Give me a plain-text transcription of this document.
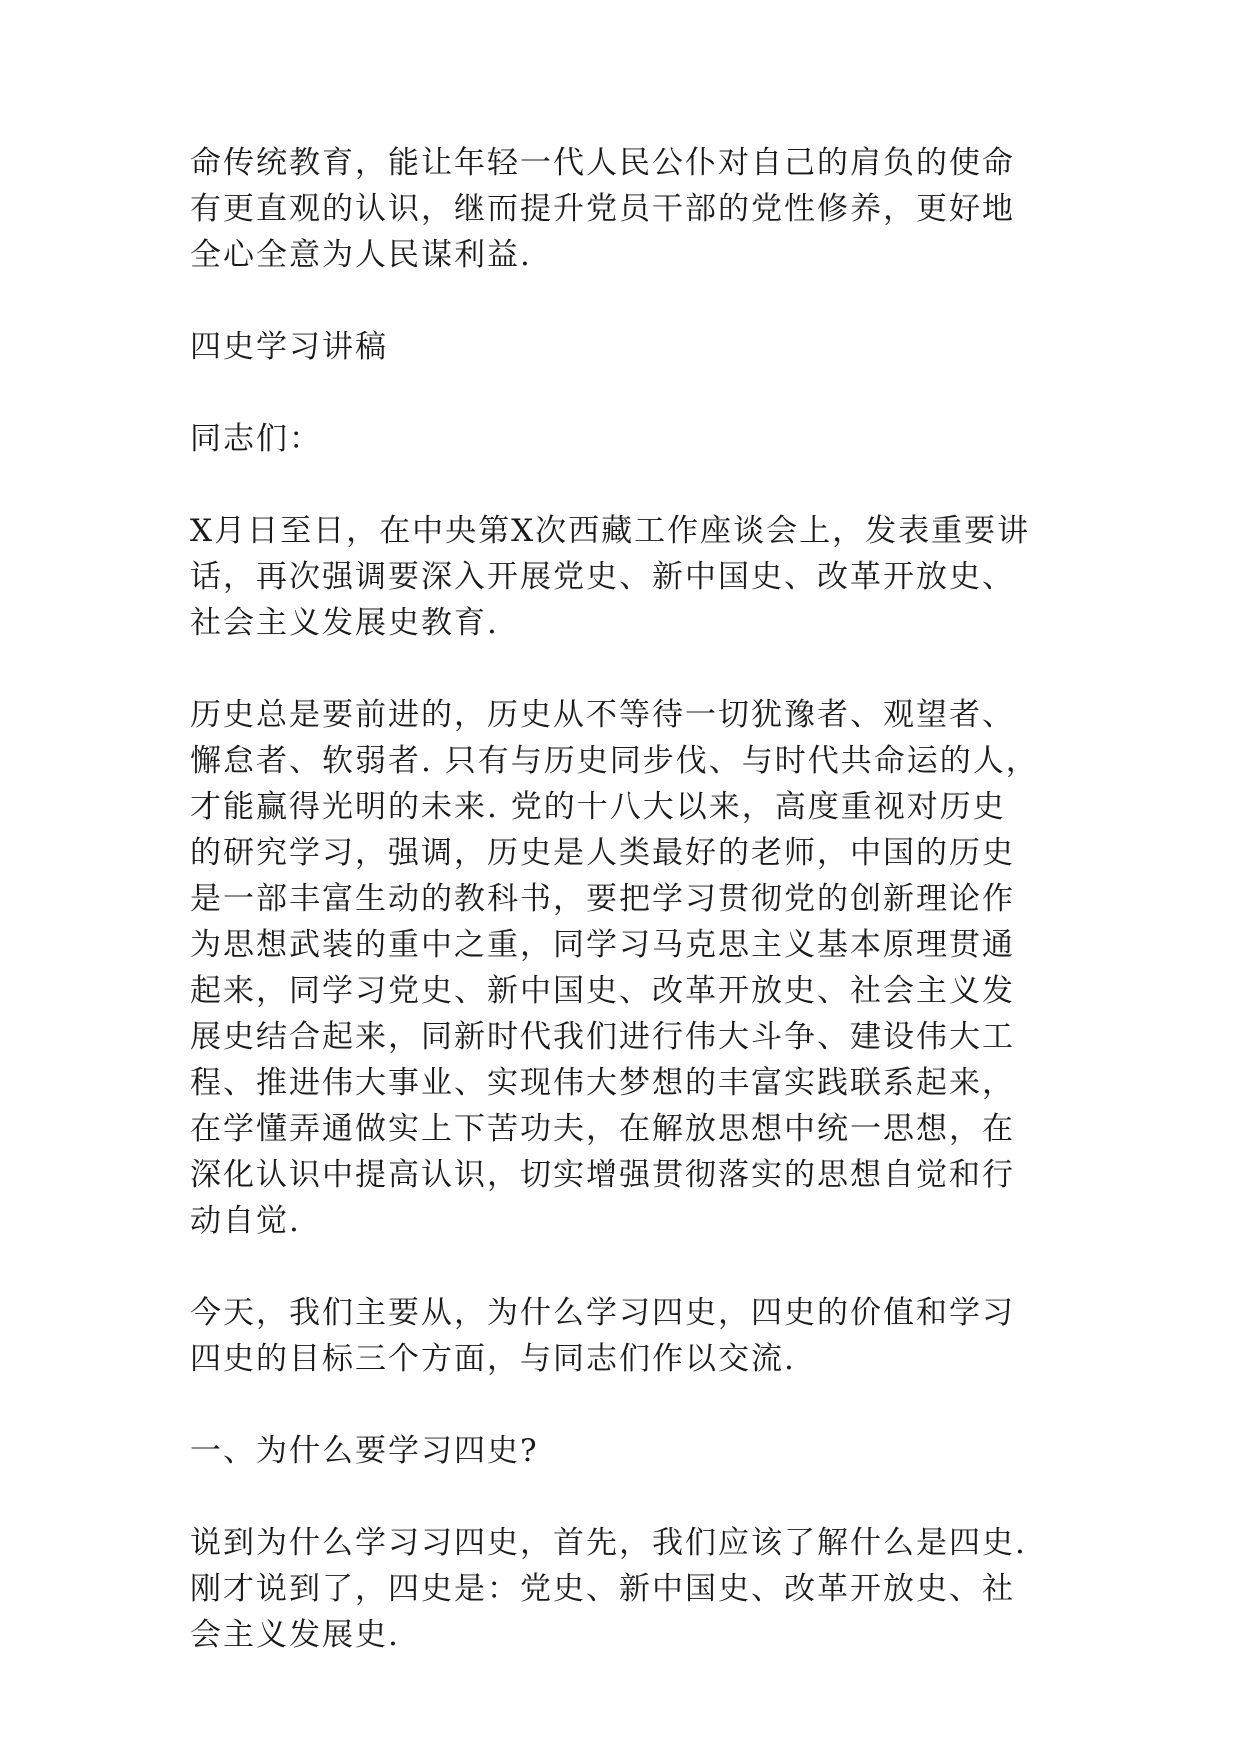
命传统教育，能让年轻一代人民公仆对自己的肩负的使命
有更直观的认识，继而提升党员干部的党性修养，更好地
全心全意为人民谋利益.

四史学习讲稿

同志们：

X月日至日，在中央第X次西藏工作座谈会上，发表重要讲
话，再次强调要深入开展党史、新中国史、改革开放史、
社会主义发展史教育.

历史总是要前进的，历史从不等待一切犹豫者、观望者、
懈怠者、软弱者. 只有与历史同步伐、与时代共命运的人，
才能赢得光明的未来. 党的十八大以来，高度重视对历史
的研究学习，强调，历史是人类最好的老师，中国的历史
是一部丰富生动的教科书，要把学习贯彻党的创新理论作
为思想武装的重中之重，同学习马克思主义基本原理贯通
起来，同学习党史、新中国史、改革开放史、社会主义发
展史结合起来，同新时代我们进行伟大斗争、建设伟大工
程、推进伟大事业、实现伟大梦想的丰富实践联系起来，
在学懂弄通做实上下苦功夫，在解放思想中统一思想，在
深化认识中提高认识，切实增强贯彻落实的思想自觉和行
动自觉.

今天，我们主要从，为什么学习四史，四史的价值和学习
四史的目标三个方面，与同志们作以交流.

一、为什么要学习四史?

说到为什么学习习四史，首先，我们应该了解什么是四史.
刚才说到了，四史是：党史、新中国史、改革开放史、社
会主义发展史.
